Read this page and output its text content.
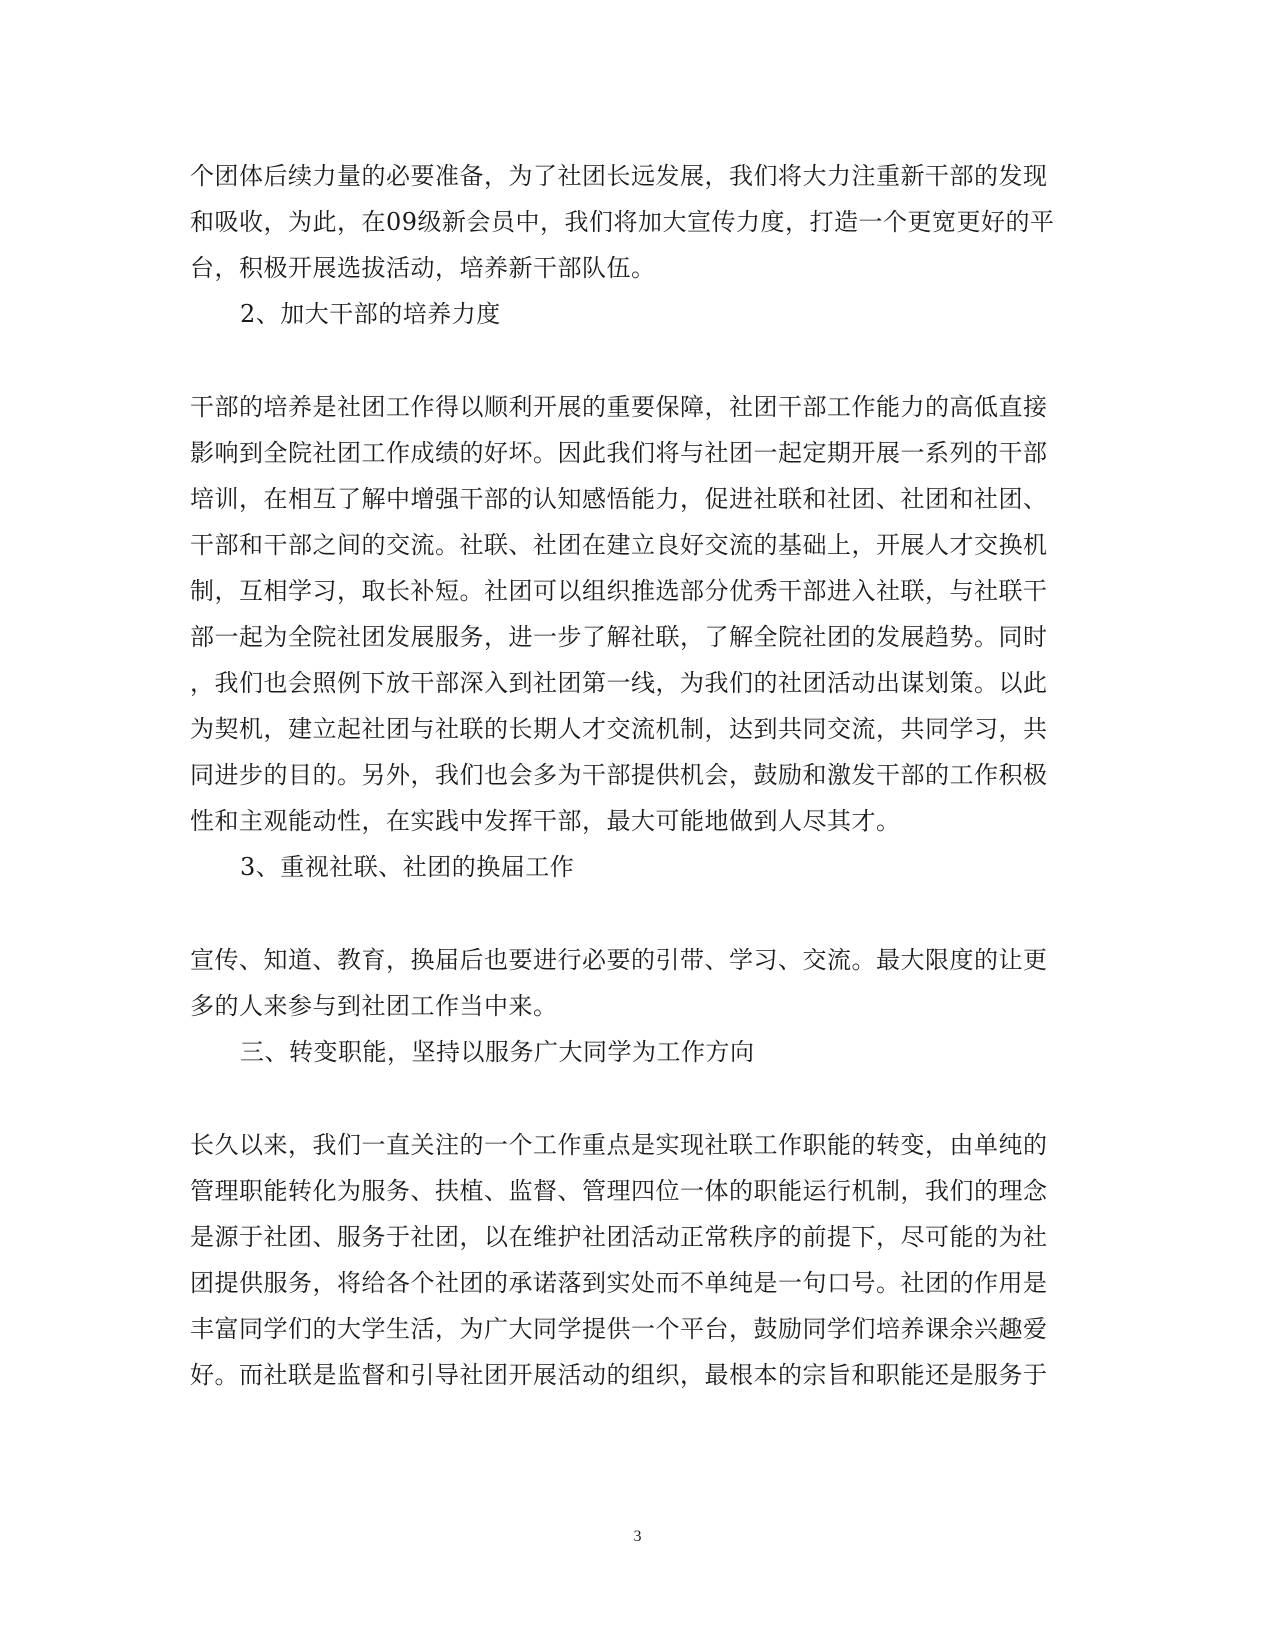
个团体后续力量的必要准备，为了社团长远发展，我们将大力注重新干部的发现
和吸收，为此，在09级新会员中，我们将加大宣传力度，打造一个更宽更好的平
台，积极开展选拔活动，培养新干部队伍。
2、加大干部的培养力度
干部的培养是社团工作得以顺利开展的重要保障，社团干部工作能力的高低直接
影响到全院社团工作成绩的好坏。因此我们将与社团一起定期开展一系列的干部
培训，在相互了解中增强干部的认知感悟能力，促进社联和社团、社团和社团、
干部和干部之间的交流。社联、社团在建立良好交流的基础上，开展人才交换机
制，互相学习，取长补短。社团可以组织推选部分优秀干部进入社联，与社联干
部一起为全院社团发展服务，进一步了解社联，了解全院社团的发展趋势。同时
，我们也会照例下放干部深入到社团第一线，为我们的社团活动出谋划策。以此
为契机，建立起社团与社联的长期人才交流机制，达到共同交流，共同学习，共
同进步的目的。另外，我们也会多为干部提供机会，鼓励和激发干部的工作积极
性和主观能动性，在实践中发挥干部，最大可能地做到人尽其才。
3、重视社联、社团的换届工作
宣传、知道、教育，换届后也要进行必要的引带、学习、交流。最大限度的让更
多的人来参与到社团工作当中来。
三、转变职能，坚持以服务广大同学为工作方向
长久以来，我们一直关注的一个工作重点是实现社联工作职能的转变，由单纯的
管理职能转化为服务、扶植、监督、管理四位一体的职能运行机制，我们的理念
是源于社团、服务于社团，以在维护社团活动正常秩序的前提下，尽可能的为社
团提供服务，将给各个社团的承诺落到实处而不单纯是一句口号。社团的作用是
丰富同学们的大学生活，为广大同学提供一个平台，鼓励同学们培养课余兴趣爱
好。而社联是监督和引导社团开展活动的组织，最根本的宗旨和职能还是服务于
3
